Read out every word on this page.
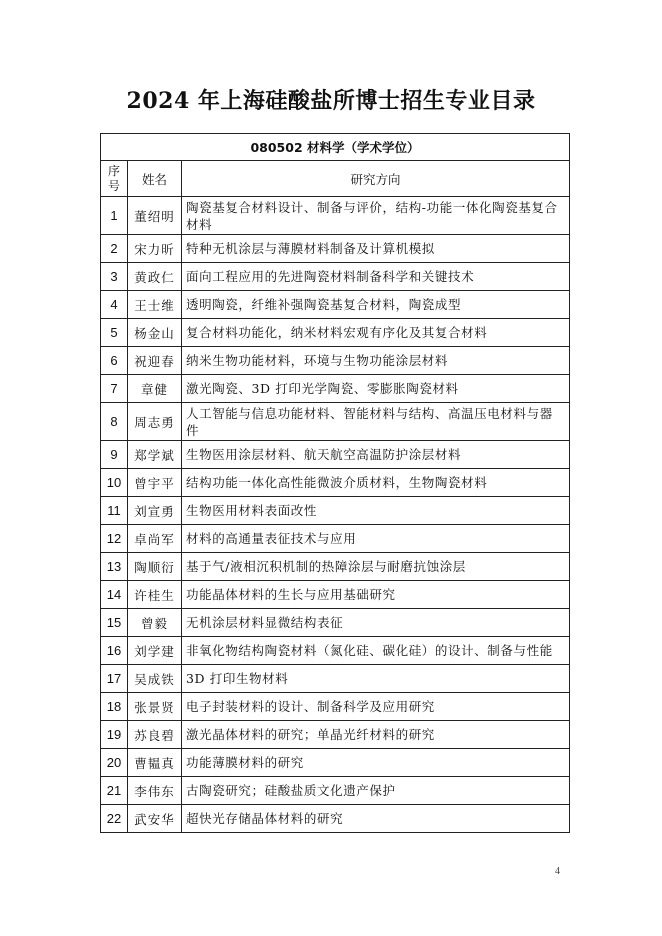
2024 年上海硅酸盐所博士招生专业目录
080502 材料学（学术学位）		
序号	姓名	研究方向
1	董绍明	陶瓷基复合材料设计、制备与评价，结构-功能一体化陶瓷基复合材料
2	宋力昕	特种无机涂层与薄膜材料制备及计算机模拟
3	黄政仁	面向工程应用的先进陶瓷材料制备科学和关键技术
4	王士维	透明陶瓷，纤维补强陶瓷基复合材料，陶瓷成型
5	杨金山	复合材料功能化，纳米材料宏观有序化及其复合材料
6	祝迎春	纳米生物功能材料，环境与生物功能涂层材料
7	章健	激光陶瓷、3D 打印光学陶瓷、零膨胀陶瓷材料
8	周志勇	人工智能与信息功能材料、智能材料与结构、高温压电材料与器件
9	郑学斌	生物医用涂层材料、航天航空高温防护涂层材料
10	曾宇平	结构功能一体化高性能微波介质材料，生物陶瓷材料
11	刘宣勇	生物医用材料表面改性
12	卓尚军	材料的高通量表征技术与应用
13	陶顺衍	基于气/液相沉积机制的热障涂层与耐磨抗蚀涂层
14	许桂生	功能晶体材料的生长与应用基础研究
15	曾毅	无机涂层材料显微结构表征
16	刘学建	非氧化物结构陶瓷材料（氮化硅、碳化硅）的设计、制备与性能
17	吴成铁	3D 打印生物材料
18	张景贤	电子封装材料的设计、制备科学及应用研究
19	苏良碧	激光晶体材料的研究；单晶光纤材料的研究
20	曹韫真	功能薄膜材料的研究
21	李伟东	古陶瓷研究；硅酸盐质文化遗产保护
22	武安华	超快光存储晶体材料的研究
4
